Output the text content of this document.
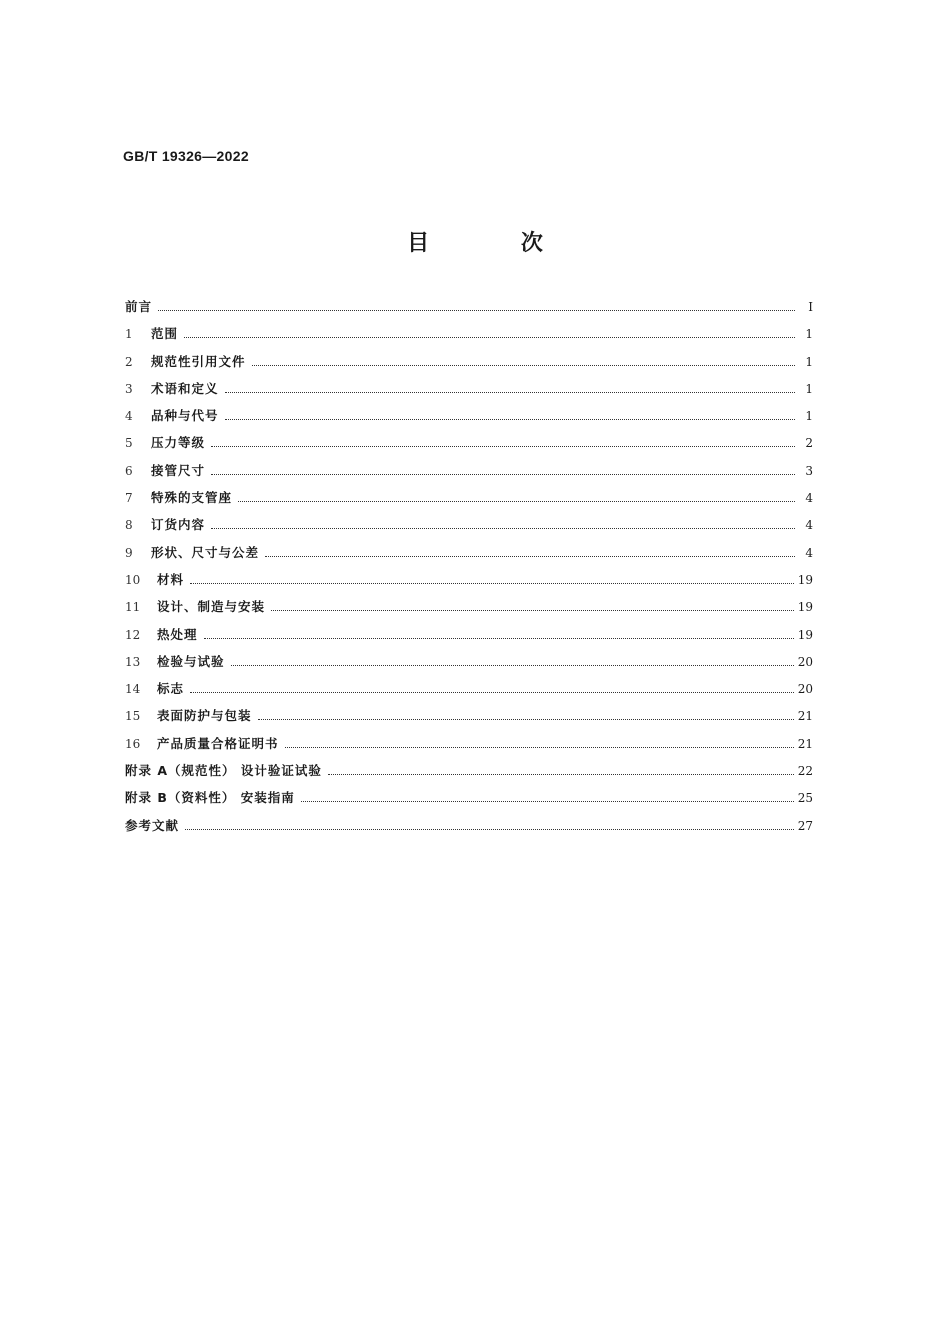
GB/T 19326—2022
目 次
前言	I
1	范围	1
2	规范性引用文件	1
3	术语和定义	1
4	品种与代号	1
5	压力等级	2
6	接管尺寸	3
7	特殊的支管座	4
8	订货内容	4
9	形状、尺寸与公差	4
10	材料	19
11	设计、制造与安装	19
12	热处理	19
13	检验与试验	20
14	标志	20
15	表面防护与包装	21
16	产品质量合格证明书	21
附录 A（规范性） 设计验证试验	22
附录 B（资料性） 安装指南	25
参考文献	27
